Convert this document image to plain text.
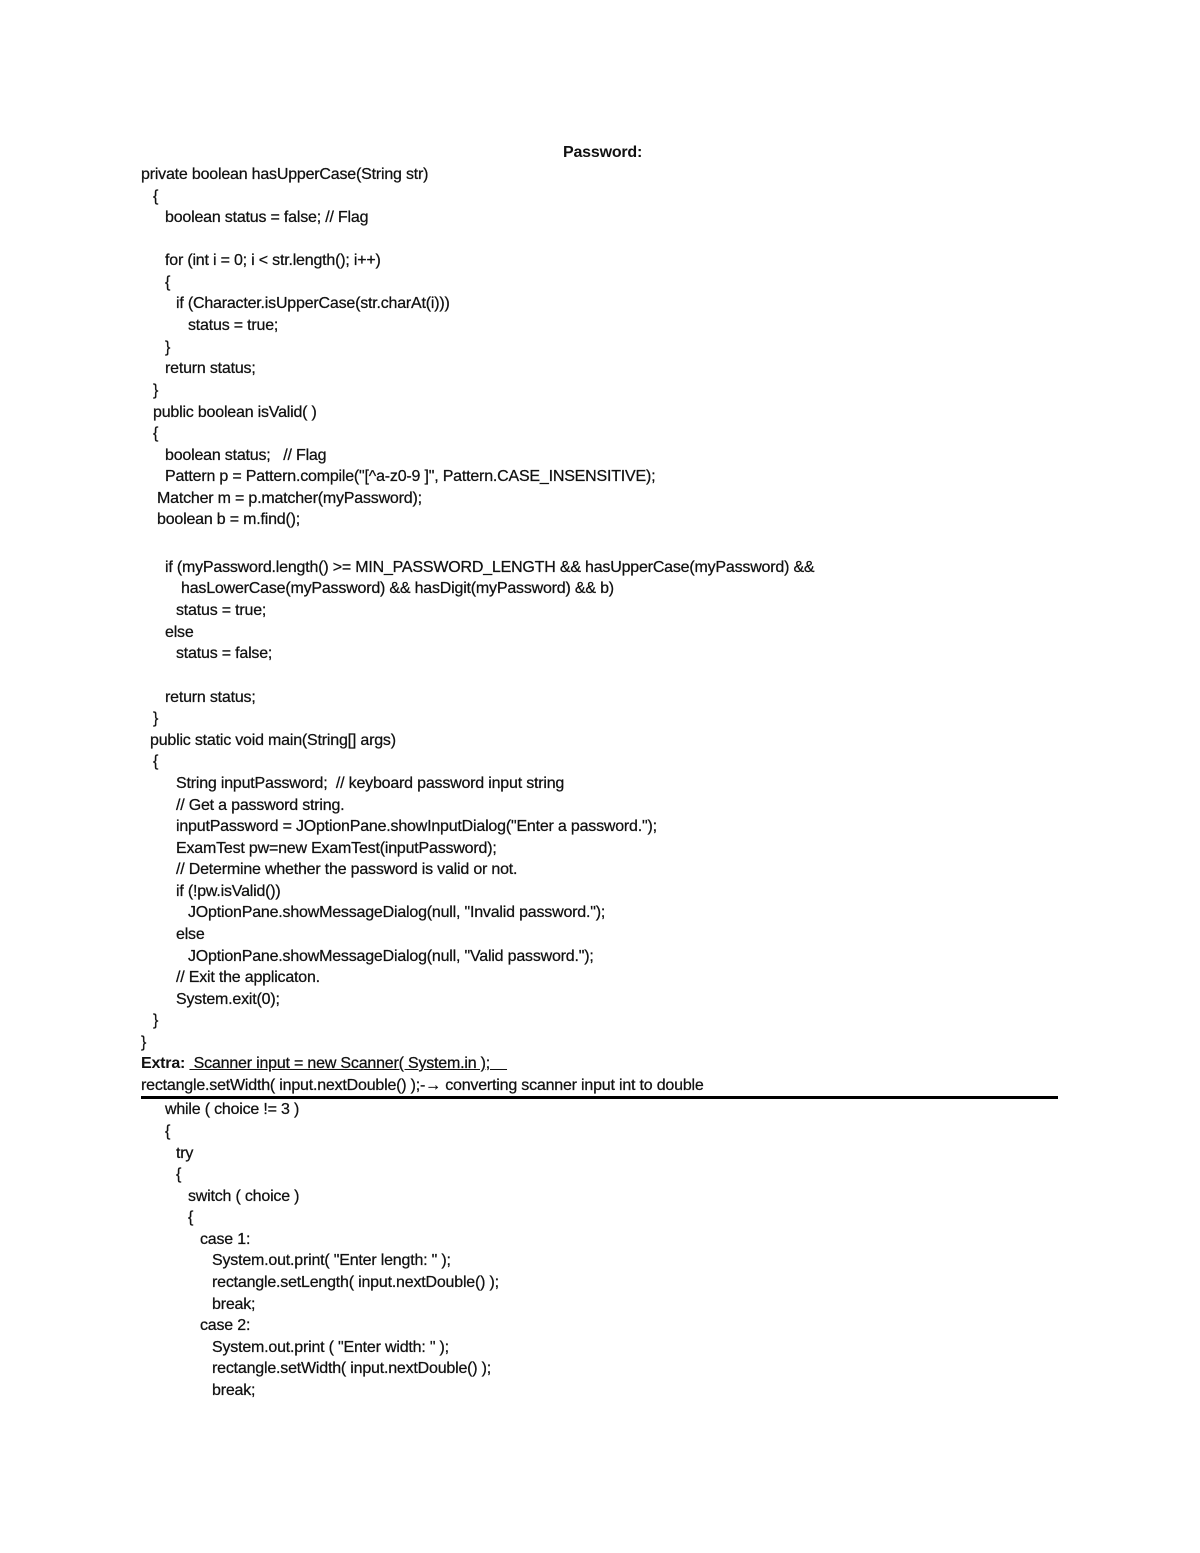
Password:
private boolean hasUpperCase(String str)
{
boolean status = false; // Flag
for (int i = 0; i < str.length(); i++)
{
if (Character.isUpperCase(str.charAt(i)))
status = true;
}
return status;
}
public boolean isValid( )
{
boolean status;   // Flag
Pattern p = Pattern.compile("[^a-z0-9 ]", Pattern.CASE_INSENSITIVE);
Matcher m = p.matcher(myPassword);
boolean b = m.find();
if (myPassword.length() >= MIN_PASSWORD_LENGTH && hasUpperCase(myPassword) &&
hasLowerCase(myPassword) && hasDigit(myPassword) && b)
status = true;
else
status = false;
return status;
}
public static void main(String[] args)
{
String inputPassword;  // keyboard password input string
// Get a password string.
inputPassword = JOptionPane.showInputDialog("Enter a password.");
ExamTest pw=new ExamTest(inputPassword);
// Determine whether the password is valid or not.
if (!pw.isValid())
JOptionPane.showMessageDialog(null, "Invalid password.");
else
JOptionPane.showMessageDialog(null, "Valid password.");
// Exit the applicaton.
System.exit(0);
}
}
Extra:  Scanner input = new Scanner( System.in );
rectangle.setWidth( input.nextDouble() );-→ converting scanner input int to double
while ( choice != 3 )
{
try
{
switch ( choice )
{
case 1:
System.out.print( "Enter length: " );
rectangle.setLength( input.nextDouble() );
break;
case 2:
System.out.print ( "Enter width: " );
rectangle.setWidth( input.nextDouble() );
break;
